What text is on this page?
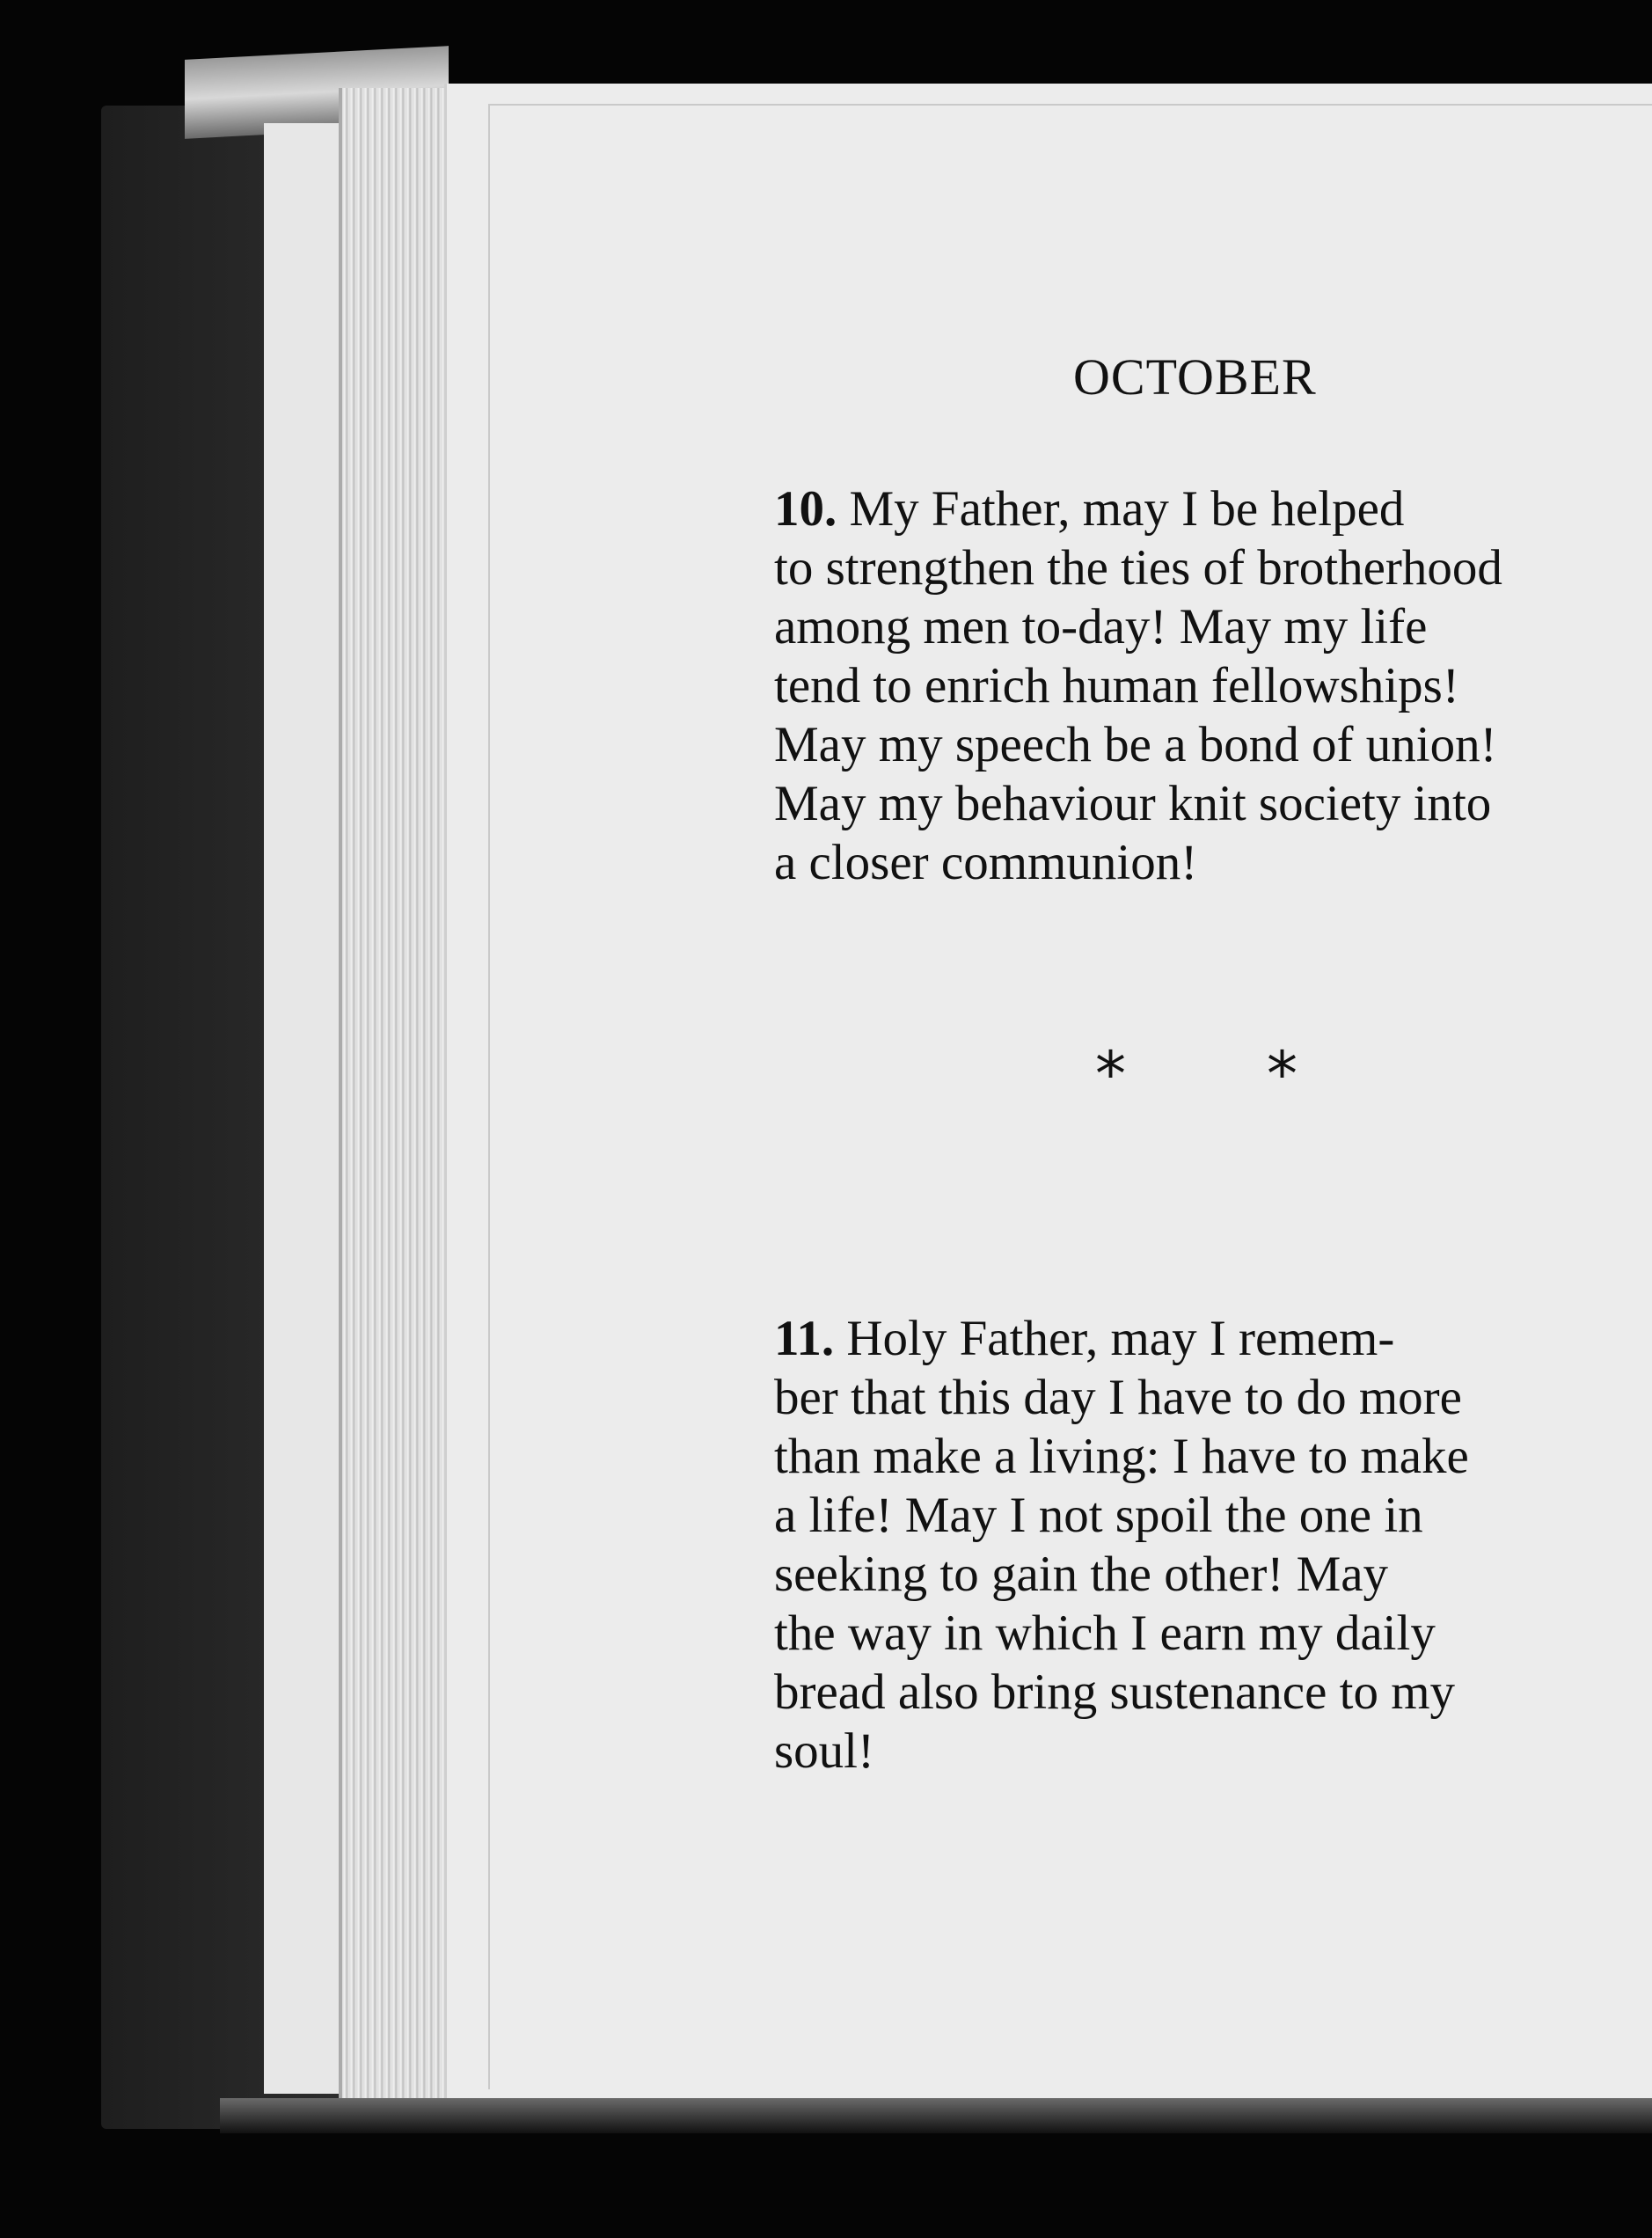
OCTOBER
10. My Father, may I be helped
to strengthen the ties of brotherhood
among men to-day! May my life
tend to enrich human fellowships!
May my speech be a bond of union!
May my behaviour knit society into
a closer communion!
* *
11. Holy Father, may I remem-
ber that this day I have to do more
than make a living: I have to make
a life! May I not spoil the one in
seeking to gain the other! May
the way in which I earn my daily
bread also bring sustenance to my
soul!
